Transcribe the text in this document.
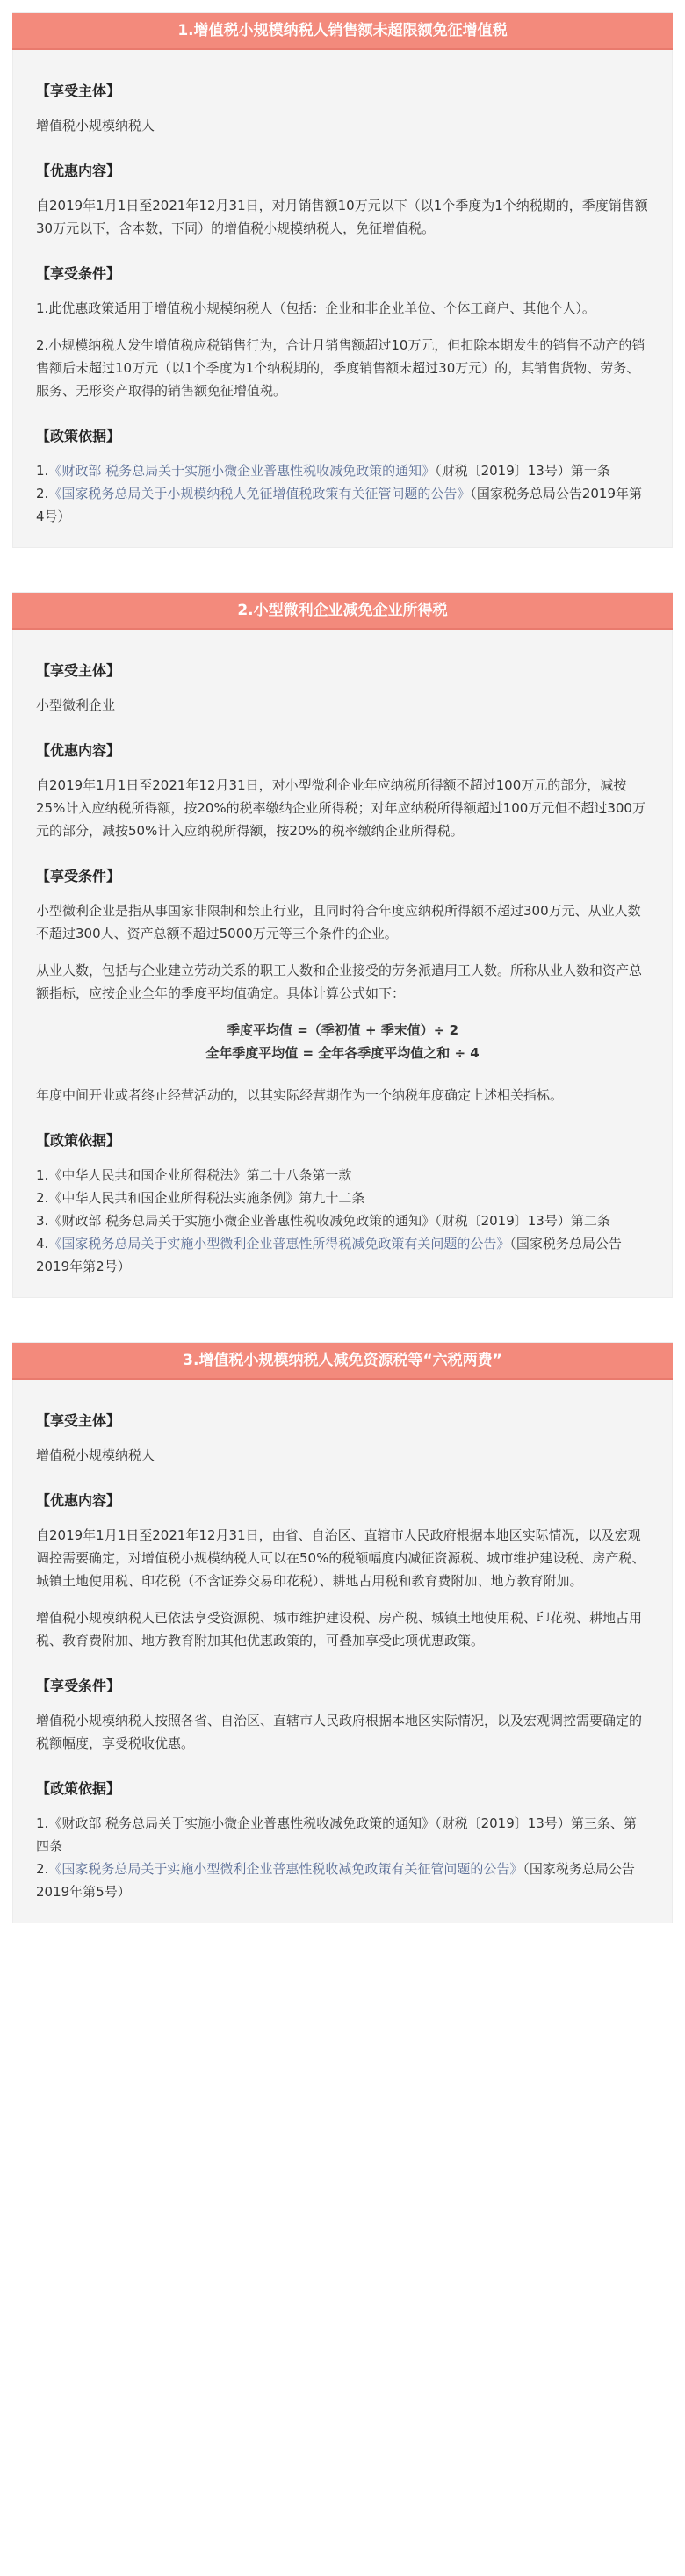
1.增值税小规模纳税人销售额未超限额免征增值税
【享受主体】

增值税小规模纳税人

【优惠内容】

自2019年1月1日至2021年12月31日，对月销售额10万元以下（以1个季度为1个纳税期的，季度销售额30万元以下，含本数，下同）的增值税小规模纳税人，免征增值税。

【享受条件】

1.此优惠政策适用于增值税小规模纳税人（包括：企业和非企业单位、个体工商户、其他个人）。

2.小规模纳税人发生增值税应税销售行为，合计月销售额超过10万元，但扣除本期发生的销售不动产的销售额后未超过10万元（以1个季度为1个纳税期的，季度销售额未超过30万元）的，其销售货物、劳务、服务、无形资产取得的销售额免征增值税。

【政策依据】
1.《财政部 税务总局关于实施小微企业普惠性税收减免政策的通知》（财税〔2019〕13号）第一条
2.《国家税务总局关于小规模纳税人免征增值税政策有关征管问题的公告》（国家税务总局公告2019年第4号）
2.小型微利企业减免企业所得税
【享受主体】

小型微利企业

【优惠内容】

自2019年1月1日至2021年12月31日，对小型微利企业年应纳税所得额不超过100万元的部分，减按25%计入应纳税所得额，按20%的税率缴纳企业所得税；对年应纳税所得额超过100万元但不超过300万元的部分，减按50%计入应纳税所得额，按20%的税率缴纳企业所得税。

【享受条件】

小型微利企业是指从事国家非限制和禁止行业，且同时符合年度应纳税所得额不超过300万元、从业人数不超过300人、资产总额不超过5000万元等三个条件的企业。

从业人数，包括与企业建立劳动关系的职工人数和企业接受的劳务派遣用工人数。所称从业人数和资产总额指标，应按企业全年的季度平均值确定。具体计算公式如下：

季度平均值 =（季初值 + 季末值）÷ 2
全年季度平均值 = 全年各季度平均值之和 ÷ 4

年度中间开业或者终止经营活动的，以其实际经营期作为一个纳税年度确定上述相关指标。

【政策依据】
1.《中华人民共和国企业所得税法》第二十八条第一款
2.《中华人民共和国企业所得税法实施条例》第九十二条
3.《财政部 税务总局关于实施小微企业普惠性税收减免政策的通知》（财税〔2019〕13号）第二条
4.《国家税务总局关于实施小型微利企业普惠性所得税减免政策有关问题的公告》（国家税务总局公告2019年第2号）
3.增值税小规模纳税人减免资源税等“六税两费”
【享受主体】

增值税小规模纳税人

【优惠内容】

自2019年1月1日至2021年12月31日，由省、自治区、直辖市人民政府根据本地区实际情况，以及宏观调控需要确定，对增值税小规模纳税人可以在50%的税额幅度内减征资源税、城市维护建设税、房产税、城镇土地使用税、印花税（不含证券交易印花税）、耕地占用税和教育费附加、地方教育附加。

增值税小规模纳税人已依法享受资源税、城市维护建设税、房产税、城镇土地使用税、印花税、耕地占用税、教育费附加、地方教育附加其他优惠政策的，可叠加享受此项优惠政策。

【享受条件】

增值税小规模纳税人按照各省、自治区、直辖市人民政府根据本地区实际情况，以及宏观调控需要确定的税额幅度，享受税收优惠。

【政策依据】
1.《财政部 税务总局关于实施小微企业普惠性税收减免政策的通知》（财税〔2019〕13号）第三条、第四条
2.《国家税务总局关于实施小型微利企业普惠性税收减免政策有关征管问题的公告》（国家税务总局公告2019年第5号）
